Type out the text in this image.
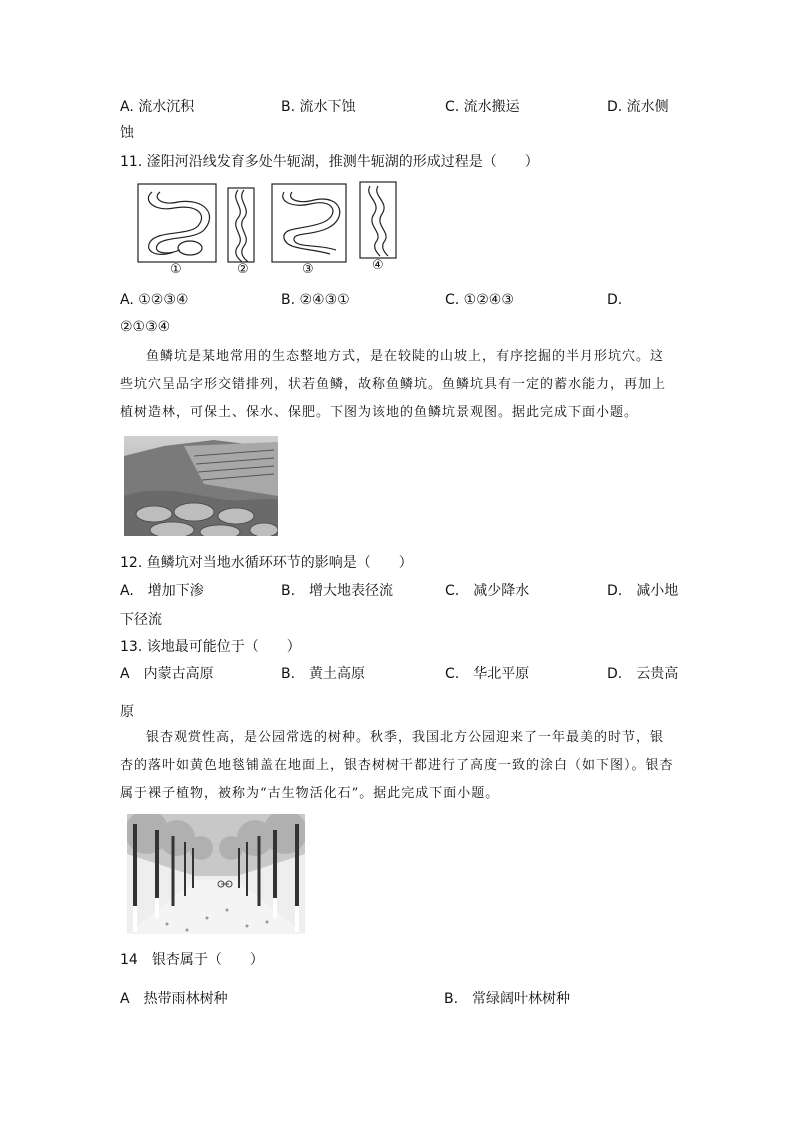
A. 流水沉积	B. 流水下蚀	C. 流水搬运	D. 流水侧
蚀
11. 滏阳河沿线发育多处牛轭湖，推测牛轭湖的形成过程是（　　）
①	②	③	④
A. ①②③④	B. ②④③①	C. ①②④③	D.
②①③④
鱼鳞坑是某地常用的生态整地方式，是在较陡的山坡上，有序挖掘的半月形坑穴。这些坑穴呈品字形交错排列，状若鱼鳞，故称鱼鳞坑。鱼鳞坑具有一定的蓄水能力，再加上植树造林，可保土、保水、保肥。下图为该地的鱼鳞坑景观图。据此完成下面小题。
12. 鱼鳞坑对当地水循环环节的影响是（　　）
A.　增加下渗	B.　增大地表径流	C.　减少降水	D.　减小地
下径流
13. 该地最可能位于（　　）
A　内蒙古高原	B.　黄土高原	C.　华北平原	D.　云贵高
原
银杏观赏性高，是公园常选的树种。秋季，我国北方公园迎来了一年最美的时节，银杏的落叶如黄色地毯铺盖在地面上，银杏树树干都进行了高度一致的涂白（如下图）。银杏属于裸子植物，被称为“古生物活化石”。据此完成下面小题。
14　银杏属于（　　）
A　热带雨林树种	B.　常绿阔叶林树种
